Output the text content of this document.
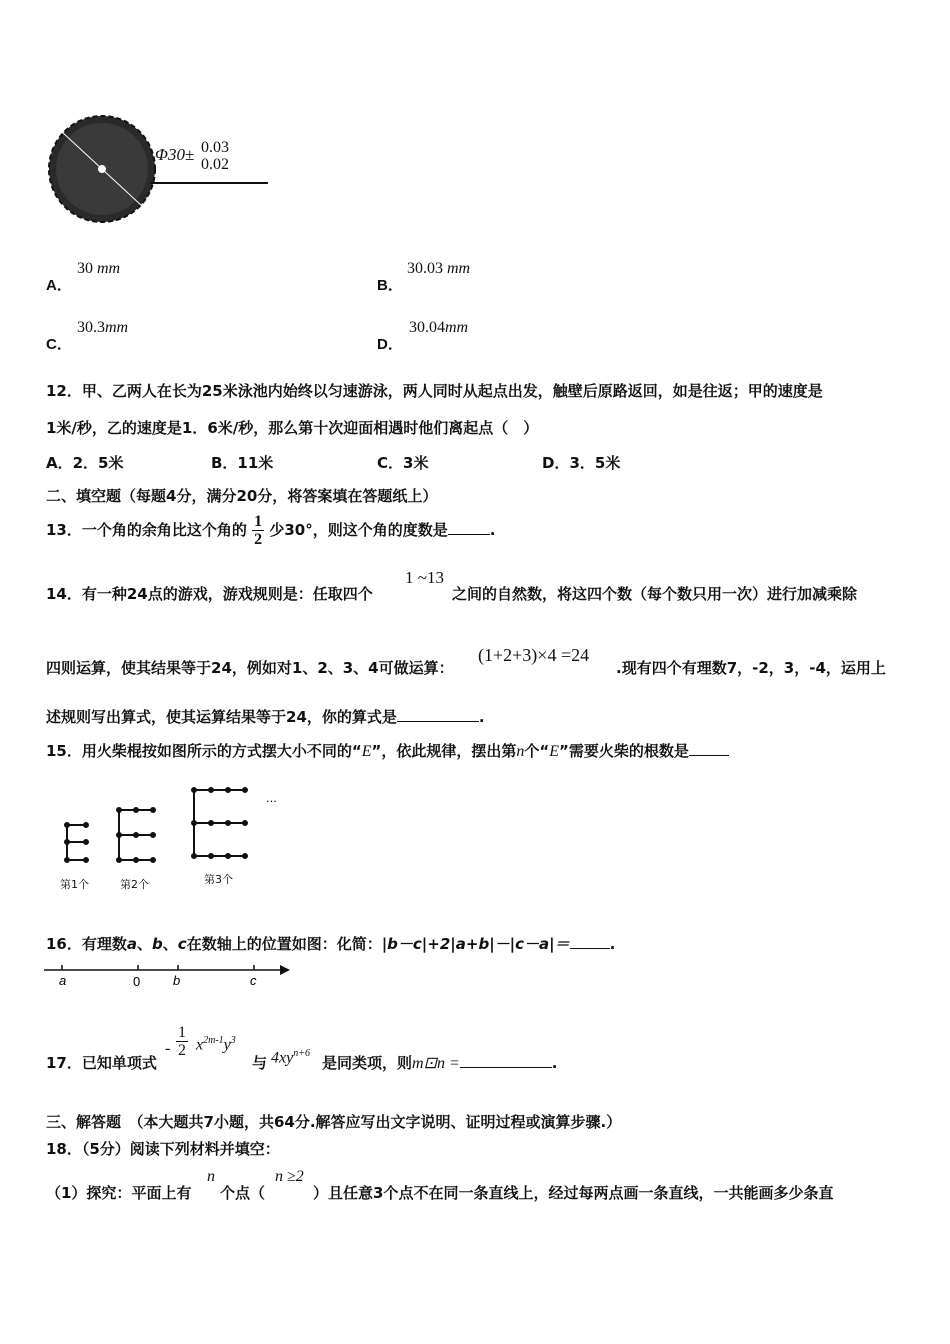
Φ30± 0.03
0.02
A．
30 mm
B．
30.03 mm
C．
30.3mm
D．
30.04mm
12．甲、乙两人在长为25米泳池内始终以匀速游泳，两人同时从起点出发，触壁后原路返回，如是往返；甲的速度是
1米/秒，乙的速度是1．6米/秒，那么第十次迎面相遇时他们离起点（　）
A．2．5米	B．11米	C．3米	D．3．5米
二、填空题（每题4分，满分20分，将答案填在答题纸上）
13．一个角的余角比这个角的 $\frac{1}{2}$ 少30°，则这个角的度数是	.
14．有一种24点的游戏，游戏规则是：任取四个
1 ~13
之间的自然数，将这四个数（每个数只用一次）进行加减乘除
四则运算，使其结果等于24，例如对1、2、3、4可做运算：
(1+2+3)×4 =24
.现有四个有理数7，-2，3，-4，运用上
述规则写出算式，使其运算结果等于24，你的算式是	.
15．用火柴棍按如图所示的方式摆大小不同的“E”，依此规律，摆出第n个“E”需要火柴的根数是
...
第1个	第2个	第3个
16．有理数a、b、c在数轴上的位置如图：化简：|b－c|+2|a+b|－|c－a|＝	.
a	0	b	c
17．已知单项式
- $\frac{1}{2} x^{2m-1}y^3$
与 $4xy^{n+6}$
是同类项，则m⊡n =	.
三、解答题　（本大题共7小题，共64分.解答应写出文字说明、证明过程或演算步骤.）
18．（5分）阅读下列材料并填空：
（1）探究：平面上有
n
个点（
n ≥2
）且任意3个点不在同一条直线上，经过每两点画一条直线，一共能画多少条直
